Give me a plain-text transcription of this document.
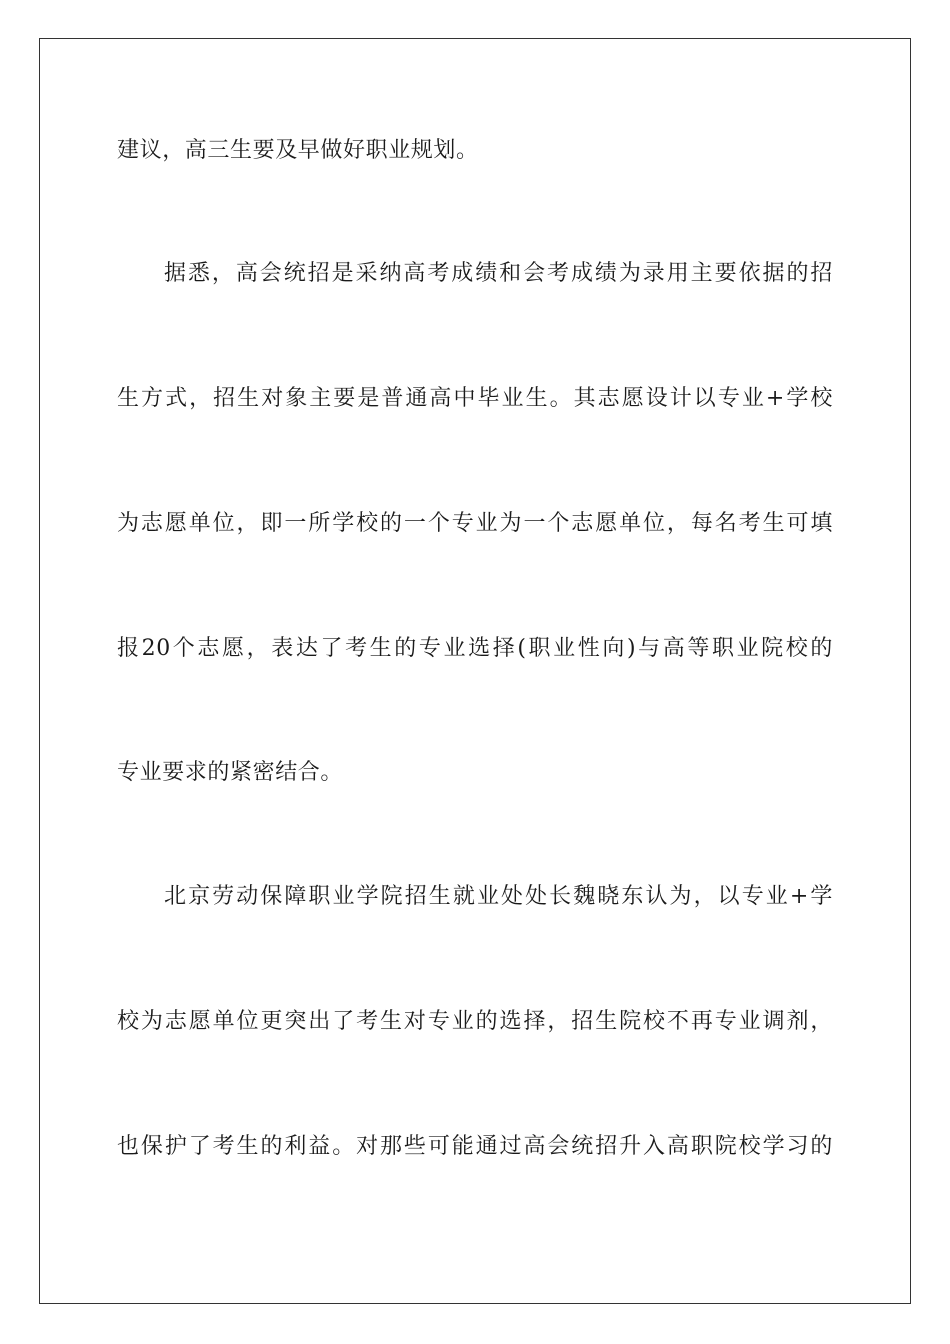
建议，高三生要及早做好职业规划。

据悉，高会统招是采纳高考成绩和会考成绩为录用主要依据的招

生方式，招生对象主要是普通高中毕业生。其志愿设计以专业+学校

为志愿单位，即一所学校的一个专业为一个志愿单位，每名考生可填

报20个志愿，表达了考生的专业选择(职业性向)与高等职业院校的

专业要求的紧密结合。

北京劳动保障职业学院招生就业处处长魏晓东认为，以专业+学

校为志愿单位更突出了考生对专业的选择，招生院校不再专业调剂，

也保护了考生的利益。对那些可能通过高会统招升入高职院校学习的
